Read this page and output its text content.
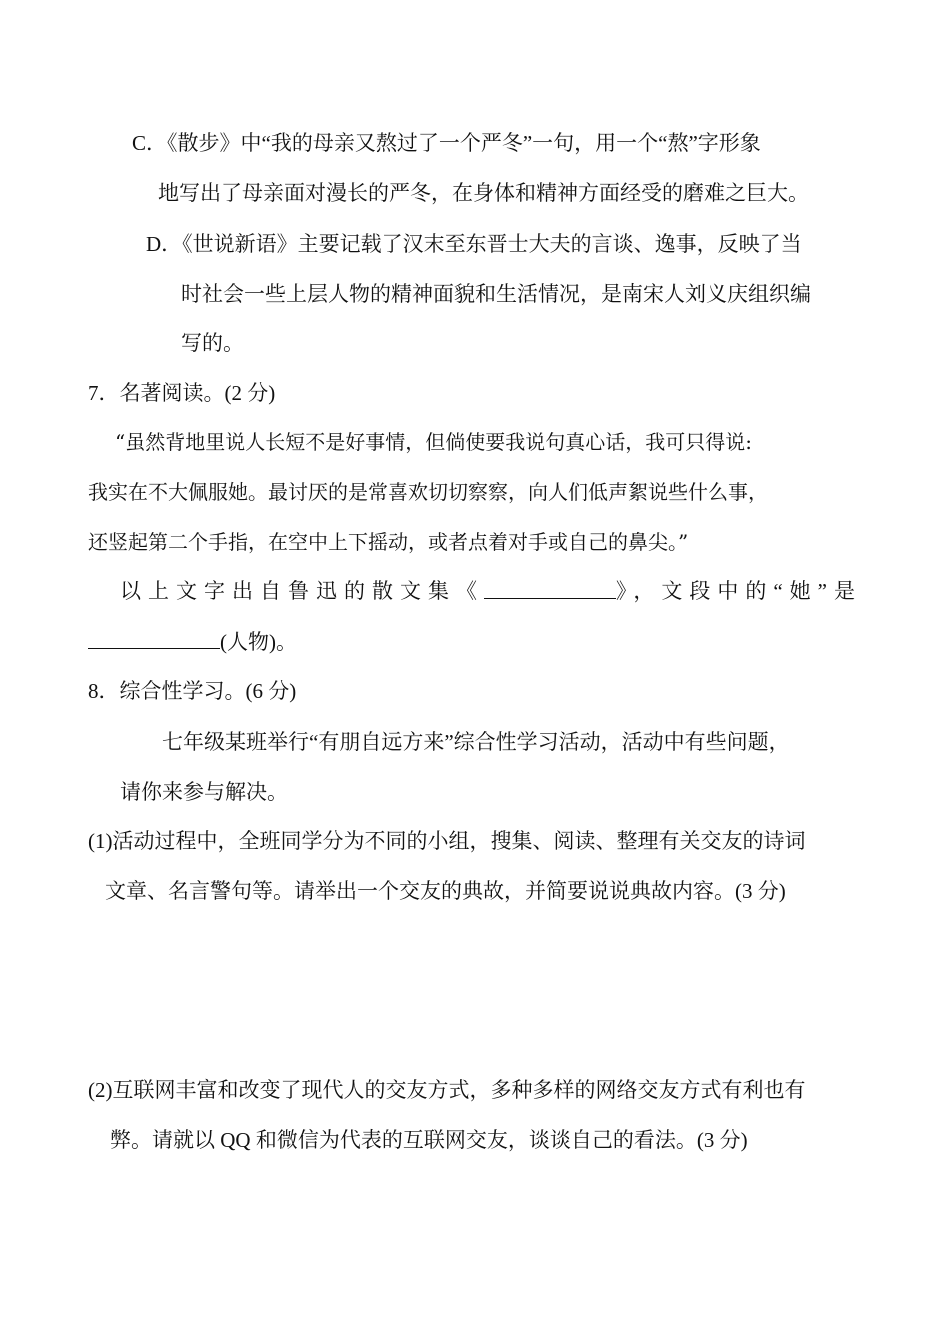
C．《散步》中“我的母亲又熬过了一个严冬”一句，用一个“熬”字形象
地写出了母亲面对漫长的严冬，在身体和精神方面经受的磨难之巨大。
D．《世说新语》主要记载了汉末至东晋士大夫的言谈、逸事，反映了当
时社会一些上层人物的精神面貌和生活情况，是南宋人刘义庆组织编
写的。
7．名著阅读。(2 分)
“虽然背地里说人长短不是好事情，但倘使要我说句真心话，我可只得说:
我实在不大佩服她。最讨厌的是常喜欢切切察察，向人们低声絮说些什么事，
还竖起第二个手指，在空中上下摇动，或者点着对手或自己的鼻尖。”
以上文字出自鲁迅的散文集《	》，文段中的“她”是
(人物)。
8．综合性学习。(6 分)
七年级某班举行“有朋自远方来”综合性学习活动，活动中有些问题，
请你来参与解决。
(1)活动过程中，全班同学分为不同的小组，搜集、阅读、整理有关交友的诗词
文章、名言警句等。请举出一个交友的典故，并简要说说典故内容。(3 分)
(2)互联网丰富和改变了现代人的交友方式，多种多样的网络交友方式有利也有
弊。请就以 QQ 和微信为代表的互联网交友，谈谈自己的看法。(3 分)
